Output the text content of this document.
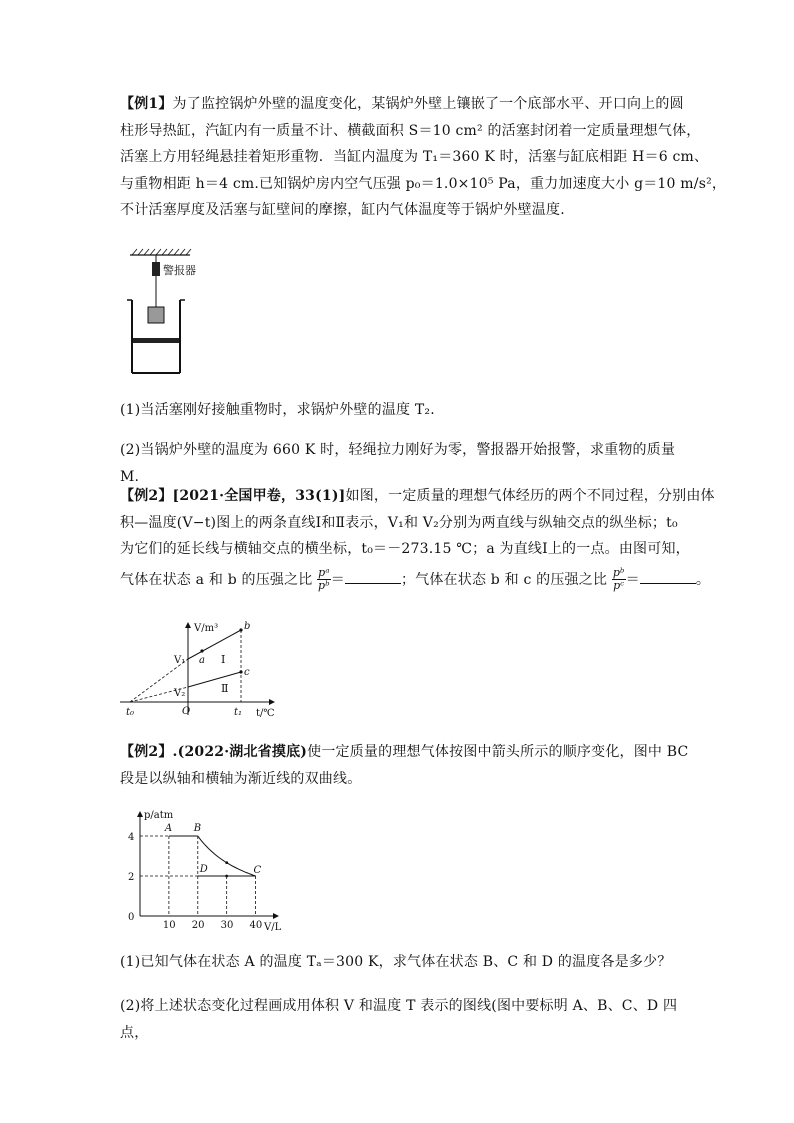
【例1】为了监控锅炉外壁的温度变化，某锅炉外壁上镶嵌了一个底部水平、开口向上的圆
柱形导热缸，汽缸内有一质量不计、横截面积 S＝10 cm² 的活塞封闭着一定质量理想气体，
活塞上方用轻绳悬挂着矩形重物．当缸内温度为 T₁＝360 K 时，活塞与缸底相距 H＝6 cm、
与重物相距 h＝4 cm.已知锅炉房内空气压强 p₀＝1.0×10⁵ Pa，重力加速度大小 g＝10 m/s²，
不计活塞厚度及活塞与缸壁间的摩擦，缸内气体温度等于锅炉外壁温度.
警报器
(1)当活塞刚好接触重物时，求锅炉外壁的温度 T₂.
(2)当锅炉外壁的温度为 660 K 时，轻绳拉力刚好为零，警报器开始报警，求重物的质量 M.
【例2】[2021·全国甲卷，33(1)]如图，一定质量的理想气体经历的两个不同过程，分别由体
积—温度(V−t)图上的两条直线Ⅰ和Ⅱ表示，V₁和 V₂分别为两直线与纵轴交点的纵坐标；t₀
为它们的延长线与横轴交点的横坐标，t₀＝－273.15 ℃；a 为直线Ⅰ上的一点。由图可知，
气体在状态 a 和 b 的压强之比 $\frac{\text{pᵃ}}{\text{pᵇ}}$ ＝	；气体在状态 b 和 c 的压强之比 $\frac{\text{pᵇ}}{\text{pᶜ}}$ ＝	。
V/m³
t/℃
O
t₀	t₁
V₁
V₂
a
b
c
Ⅰ
Ⅱ
【例2】.(2022·湖北省摸底)使一定质量的理想气体按图中箭头所示的顺序变化，图中 BC
段是以纵轴和横轴为渐近线的双曲线。
p/atm
V/L
10 20 30 40
0
2
4
A B
C
D
(1)已知气体在状态 A 的温度 Tₐ＝300 K，求气体在状态 B、C 和 D 的温度各是多少？
(2)将上述状态变化过程画成用体积 V 和温度 T 表示的图线(图中要标明 A、B、C、D 四点，
